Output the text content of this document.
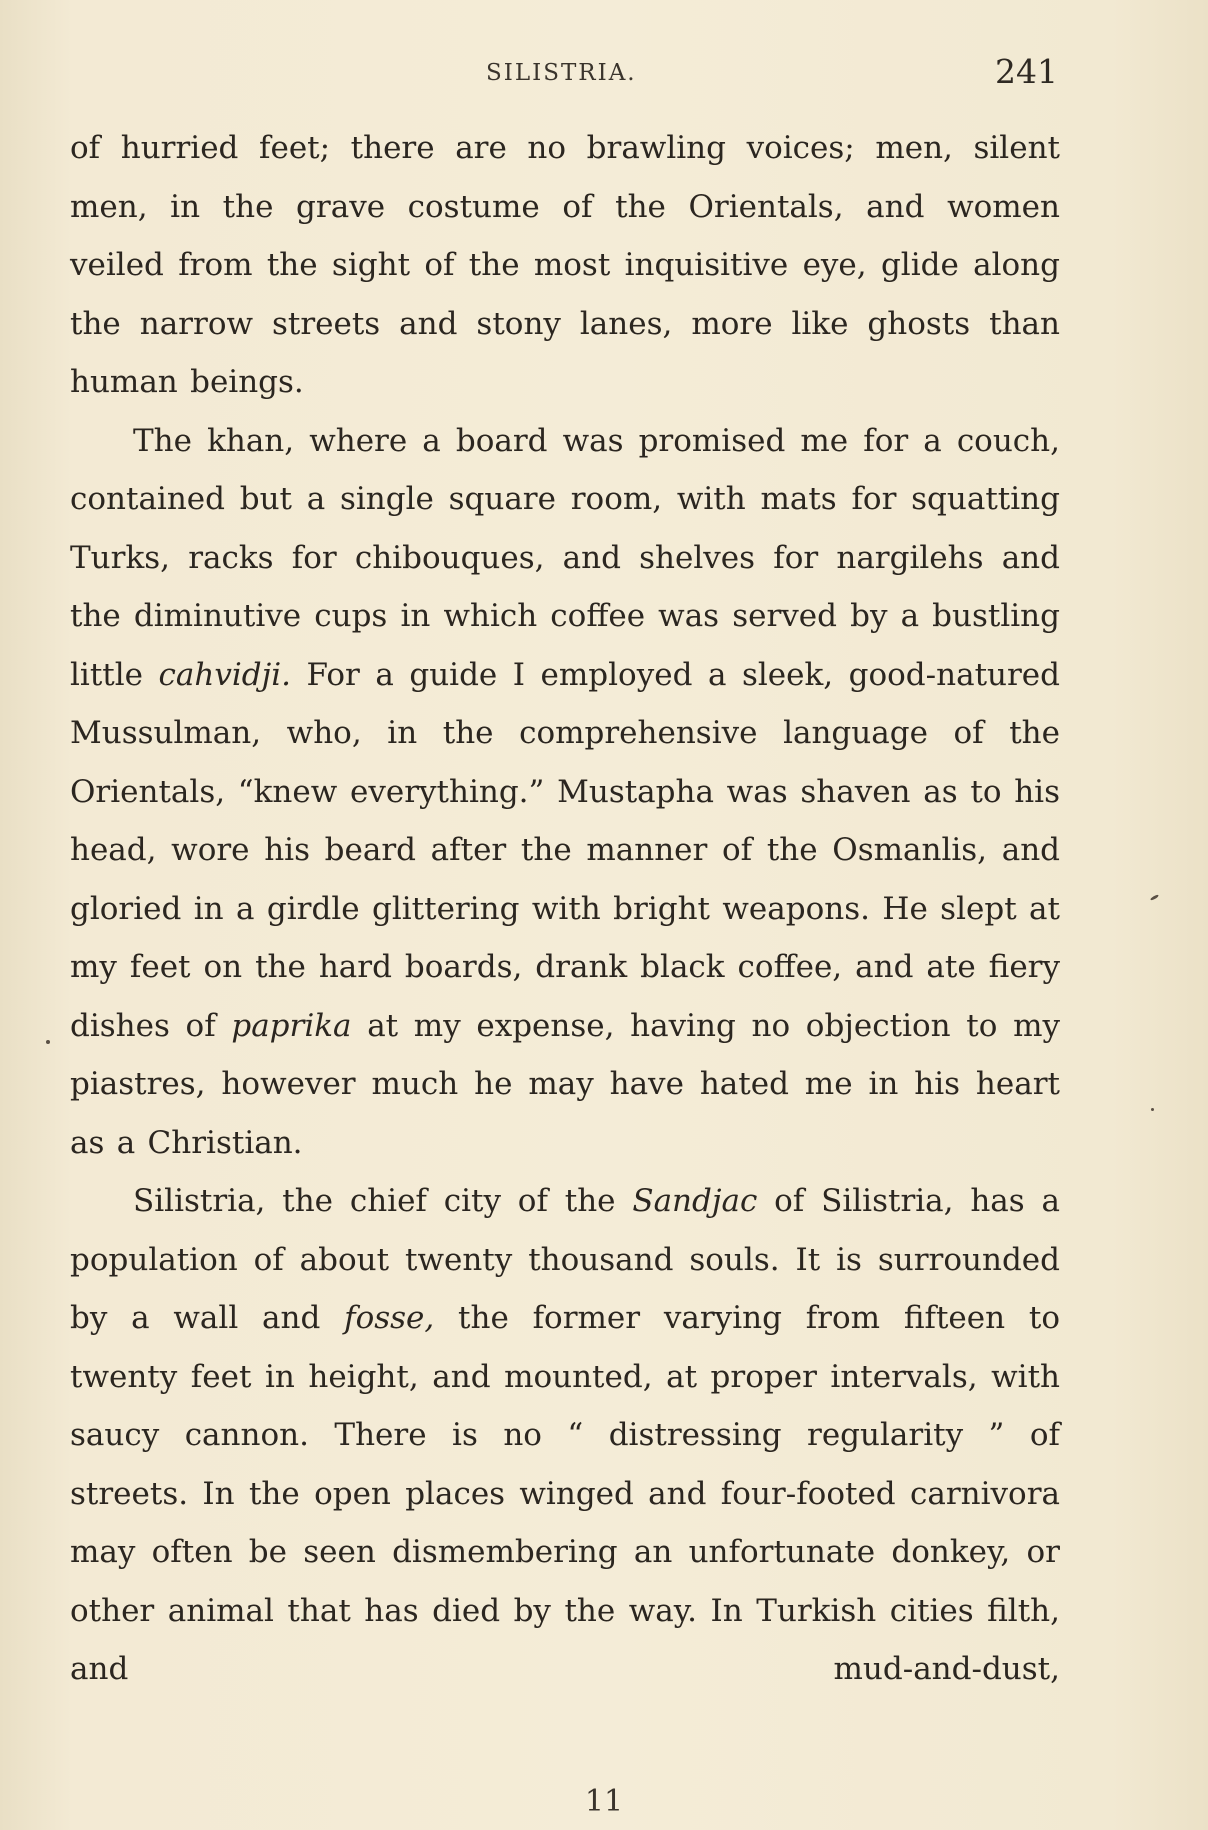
SILISTRIA.	241

of hurried feet; there are no brawling voices; men, silent men, in the grave costume of the Orientals, and women veiled from the sight of the most inquisitive eye, glide along the narrow streets and stony lanes, more like ghosts than human beings.

The khan, where a board was promised me for a couch, contained but a single square room, with mats for squatting Turks, racks for chibouques, and shelves for nargilehs and the diminutive cups in which coffee was served by a bustling little cahvidji. For a guide I employed a sleek, good-natured Mussulman, who, in the comprehensive language of the Orientals, “knew everything.” Mustapha was shaven as to his head, wore his beard after the manner of the Osmanlis, and gloried in a girdle glittering with bright weapons. He slept at my feet on the hard boards, drank black coffee, and ate fiery dishes of paprika at my expense, having no objection to my piastres, however much he may have hated me in his heart as a Christian.

Silistria, the chief city of the Sandjac of Silistria, has a population of about twenty thousand souls. It is surrounded by a wall and fosse, the former varying from fifteen to twenty feet in height, and mounted, at proper intervals, with saucy cannon. There is no “ distressing regularity ” of streets. In the open places winged and four-footed carnivora may often be seen dismembering an unfortunate donkey, or other animal that has died by the way. In Turkish cities filth, and mud-and-dust,

11
